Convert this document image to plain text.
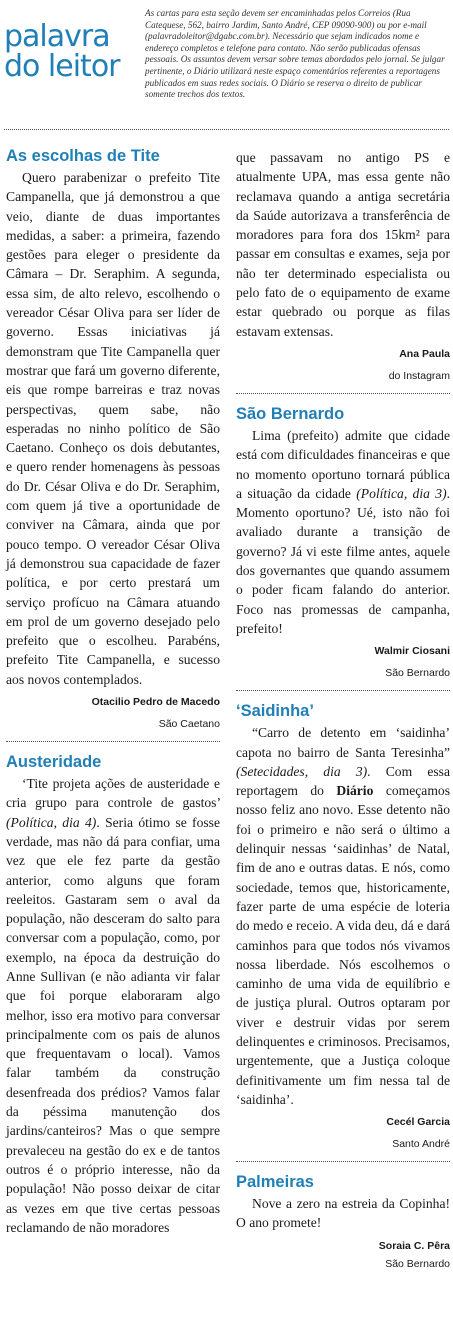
palavra
do leitor
As cartas para esta seção devem ser encaminhadas pelos Correios (Rua Catequese, 562, bairro Jardim, Santo André, CEP 09090-900) ou por e-mail (palavradoleitor@dgabc.com.br). Necessário que sejam indicados nome e endereço completos e telefone para contato. Não serão publicadas ofensas pessoais. Os assuntos devem versar sobre temas abordados pelo jornal. Se julgar pertinente, o Diário utilizará neste espaço comentários referentes a reportagens publicados em suas redes sociais. O Diário se reserva o direito de publicar somente trechos dos textos.
As escolhas de Tite

Quero parabenizar o prefeito Tite Campanella, que já demonstrou a que veio, diante de duas importantes medidas, a saber: a primeira, fazendo gestões para eleger o presidente da Câmara – Dr. Seraphim. A segunda, essa sim, de alto relevo, escolhendo o vereador César Oliva para ser líder de governo. Essas iniciativas já demonstram que Tite Campanella quer mostrar que fará um governo diferente, eis que rompe barreiras e traz novas perspectivas, quem sabe, não esperadas no ninho político de São Caetano. Conheço os dois debutantes, e quero render homenagens às pessoas do Dr. César Oliva e do Dr. Seraphim, com quem já tive a oportunidade de conviver na Câmara, ainda que por pouco tempo. O vereador César Oliva já demonstrou sua capacidade de fazer política, e por certo prestará um serviço profícuo na Câmara atuando em prol de um governo desejado pelo prefeito que o escolheu. Parabéns, prefeito Tite Campanella, e sucesso aos novos contemplados.

Otacilio Pedro de Macedo
São Caetano
Austeridade

‘Tite projeta ações de austeridade e cria grupo para controle de gastos’ (Política, dia 4). Seria ótimo se fosse verdade, mas não dá para confiar, uma vez que ele fez parte da gestão anterior, como alguns que foram reeleitos. Gastaram sem o aval da população, não desceram do salto para conversar com a população, como, por exemplo, na época da destruição do Anne Sullivan (e não adianta vir falar que foi porque elaboraram algo melhor, isso era motivo para conversar principalmente com os pais de alunos que frequentavam o local). Vamos falar também da construção desenfreada dos prédios? Vamos falar da péssima manutenção dos jardins/canteiros? Mas o que sempre prevaleceu na gestão do ex e de tantos outros é o próprio interesse, não da população! Não posso deixar de citar as vezes em que tive certas pessoas reclamando de não moradores

que passavam no antigo PS e atualmente UPA, mas essa gente não reclamava quando a antiga secretária da Saúde autorizava a transferência de moradores para fora dos 15km² para passar em consultas e exames, seja por não ter determinado especialista ou pelo fato de o equipamento de exame estar quebrado ou porque as filas estavam extensas.

Ana Paula
do Instagram
São Bernardo

Lima (prefeito) admite que cidade está com dificuldades financeiras e que no momento oportuno tornará pública a situação da cidade (Política, dia 3). Momento oportuno? Ué, isto não foi avaliado durante a transição de governo? Já vi este filme antes, aquele dos governantes que quando assumem o poder ficam falando do anterior. Foco nas promessas de campanha, prefeito!

Walmir Ciosani
São Bernardo
‘Saidinha’

“Carro de detento em ‘saidinha’ capota no bairro de Santa Teresinha” (Setecidades, dia 3). Com essa reportagem do Diário começamos nosso feliz ano novo. Esse detento não foi o primeiro e não será o último a delinquir nessas ‘saidinhas’ de Natal, fim de ano e outras datas. E nós, como sociedade, temos que, historicamente, fazer parte de uma espécie de loteria do medo e receio. A vida deu, dá e dará caminhos para que todos nós vivamos nossa liberdade. Nós escolhemos o caminho de uma vida de equilíbrio e de justiça plural. Outros optaram por viver e destruir vidas por serem delinquentes e criminosos. Precisamos, urgentemente, que a Justiça coloque definitivamente um fim nessa tal de ‘saidinha’.

Cecél Garcia
Santo André
Palmeiras

Nove a zero na estreia da Copinha! O ano promete!

Soraia C. Pêra
São Bernardo
